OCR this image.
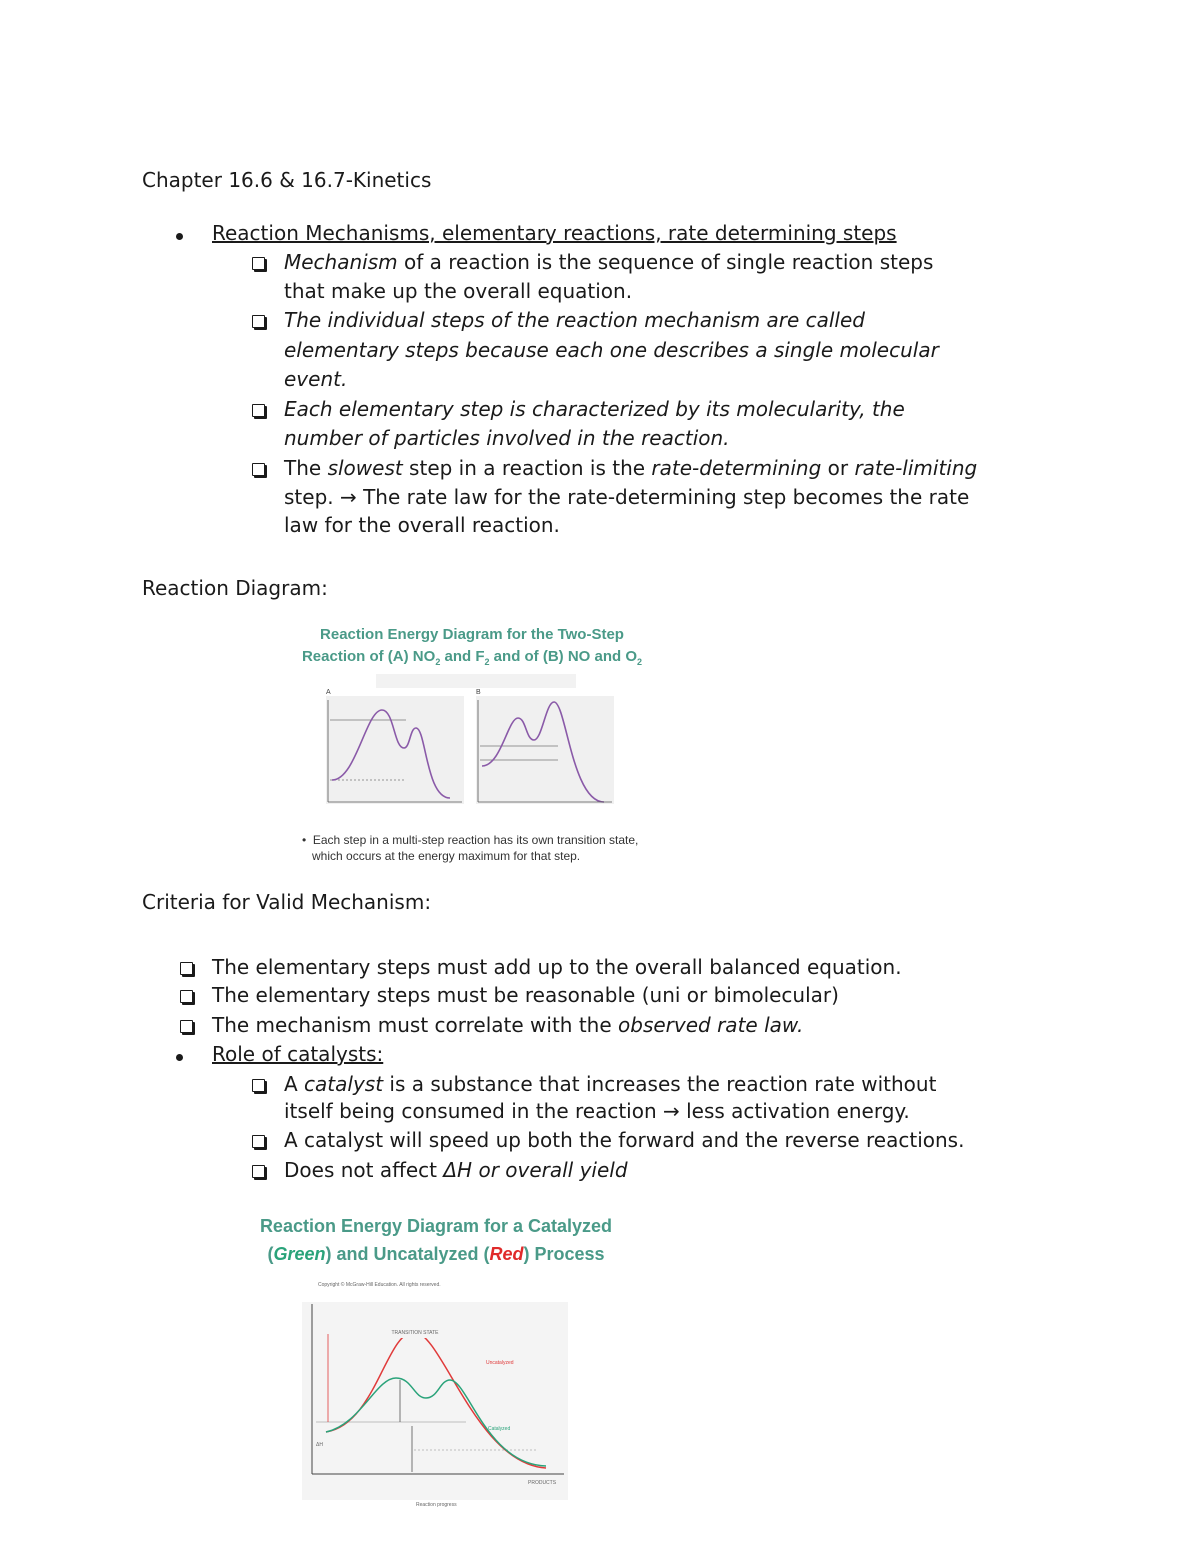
Chapter 16.6 & 16.7-Kinetics
Reaction Mechanisms, elementary reactions, rate determining steps
Mechanism of a reaction is the sequence of single reaction steps
that make up the overall equation.
The individual steps of the reaction mechanism are called
elementary steps because each one describes a single molecular
event.
Each elementary step is characterized by its molecularity, the
number of particles involved in the reaction.
The slowest step in a reaction is the rate-determining or rate-limiting
step. → The rate law for the rate-determining step becomes the rate
law for the overall reaction.
Reaction Diagram:
Reaction Energy Diagram for the Two-Step
Reaction of (A) $NO_2$ and $F_2$ and of (B) NO and $O_2$
A	B
•  Each step in a multi-step reaction has its own transition state,
which occurs at the energy maximum for that step.
Criteria for Valid Mechanism:
The elementary steps must add up to the overall balanced equation.
The elementary steps must be reasonable (uni or bimolecular)
The mechanism must correlate with the observed rate law.
Role of catalysts:
A catalyst is a substance that increases the reaction rate without
itself being consumed in the reaction → less activation energy.
A catalyst will speed up both the forward and the reverse reactions.
Does not affect ΔH or overall yield
Reaction Energy Diagram for a Catalyzed
(Green) and Uncatalyzed (Red) Process
Copyright © McGraw-Hill Education. All rights reserved.
TRANSITION STATE
Uncatalyzed
Catalyzed
ΔH
PRODUCTS
Reaction progress
